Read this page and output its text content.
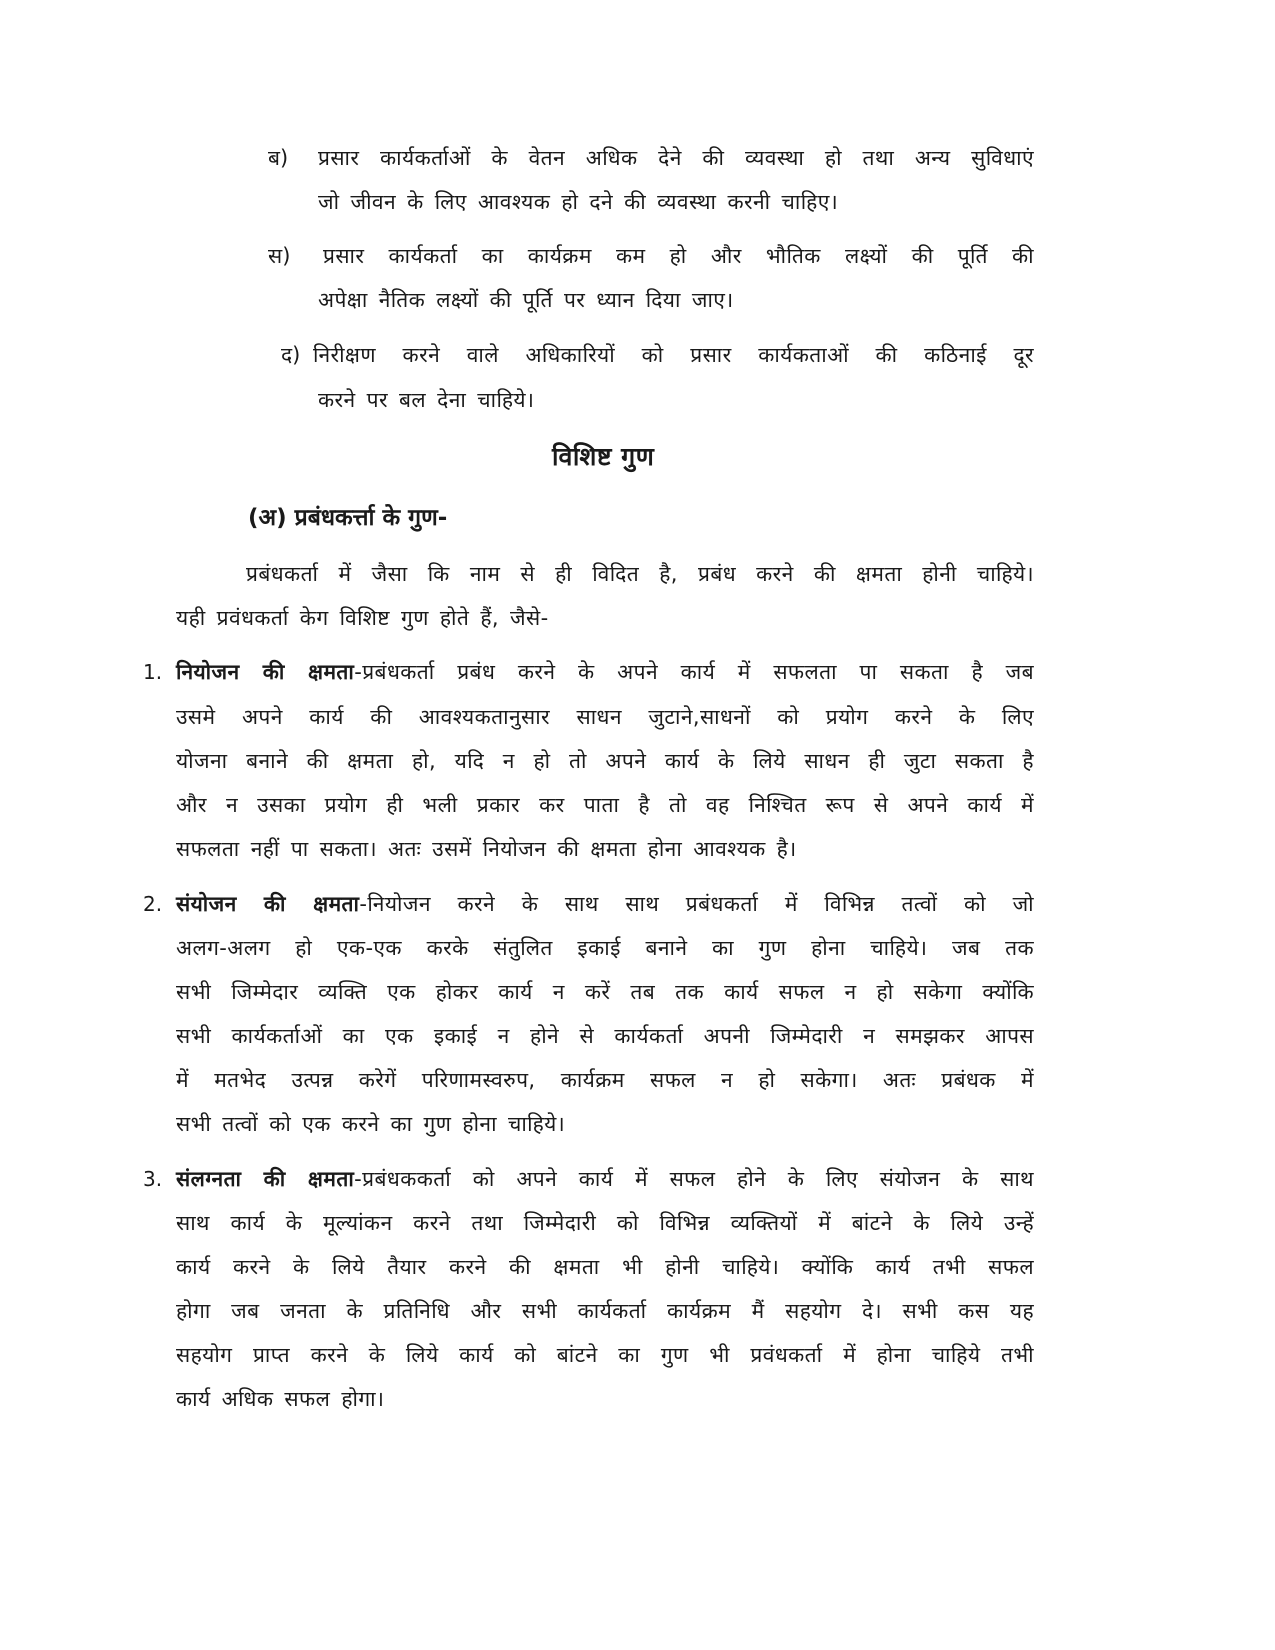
ब) प्रसार कार्यकर्ताओं के वेतन अधिक देने की व्यवस्था हो तथा अन्य सुविधाएं
जो जीवन के लिए आवश्यक हो दने की व्यवस्था करनी चाहिए।
स) प्रसार कार्यकर्ता का कार्यक्रम कम हो और भौतिक लक्ष्यों की पूर्ति की
अपेक्षा नैतिक लक्ष्यों की पूर्ति पर ध्यान दिया जाए।
द) निरीक्षण करने वाले अधिकारियों को प्रसार कार्यकताओं की कठिनाई दूर
करने पर बल देना चाहिये।
विशिष्ट गुण
(अ) प्रबंधकर्त्ता के गुण-
प्रबंधकर्ता में जैसा कि नाम से ही विदित है, प्रबंध करने की क्षमता होनी चाहिये।
यही प्रवंधकर्ता केग विशिष्ट गुण होते हैं, जैसे-
1. नियोजन की क्षमता-प्रबंधकर्ता प्रबंध करने के अपने कार्य में सफलता पा सकता है जब
उसमे अपने कार्य की आवश्यकतानुसार साधन जुटाने,साधनों को प्रयोग करने के लिए
योजना बनाने की क्षमता हो, यदि न हो तो अपने कार्य के लिये साधन ही जुटा सकता है
और न उसका प्रयोग ही भली प्रकार कर पाता है तो वह निश्चित रूप से अपने कार्य में
सफलता नहीं पा सकता। अतः उसमें नियोजन की क्षमता होना आवश्यक है।
2. संयोजन की क्षमता-नियोजन करने के साथ साथ प्रबंधकर्ता में विभिन्न तत्वों को जो
अलग-अलग हो एक-एक करके संतुलित इकाई बनाने का गुण होना चाहिये। जब तक
सभी जिम्मेदार व्यक्ति एक होकर कार्य न करें तब तक कार्य सफल न हो सकेगा क्योंकि
सभी कार्यकर्ताओं का एक इकाई न होने से कार्यकर्ता अपनी जिम्मेदारी न समझकर आपस
में मतभेद उत्पन्न करेगें परिणामस्वरुप, कार्यक्रम सफल न हो सकेगा। अतः प्रबंधक में
सभी तत्वों को एक करने का गुण होना चाहिये।
3. संलग्नता की क्षमता-प्रबंधककर्ता को अपने कार्य में सफल होने के लिए संयोजन के साथ
साथ कार्य के मूल्यांकन करने तथा जिम्मेदारी को विभिन्न व्यक्तियों में बांटने के लिये उन्हें
कार्य करने के लिये तैयार करने की क्षमता भी होनी चाहिये। क्योंकि कार्य तभी सफल
होगा जब जनता के प्रतिनिधि और सभी कार्यकर्ता कार्यक्रम मैं सहयोग दे। सभी कस यह
सहयोग प्राप्त करने के लिये कार्य को बांटने का गुण भी प्रवंधकर्ता में होना चाहिये तभी
कार्य अधिक सफल होगा।
